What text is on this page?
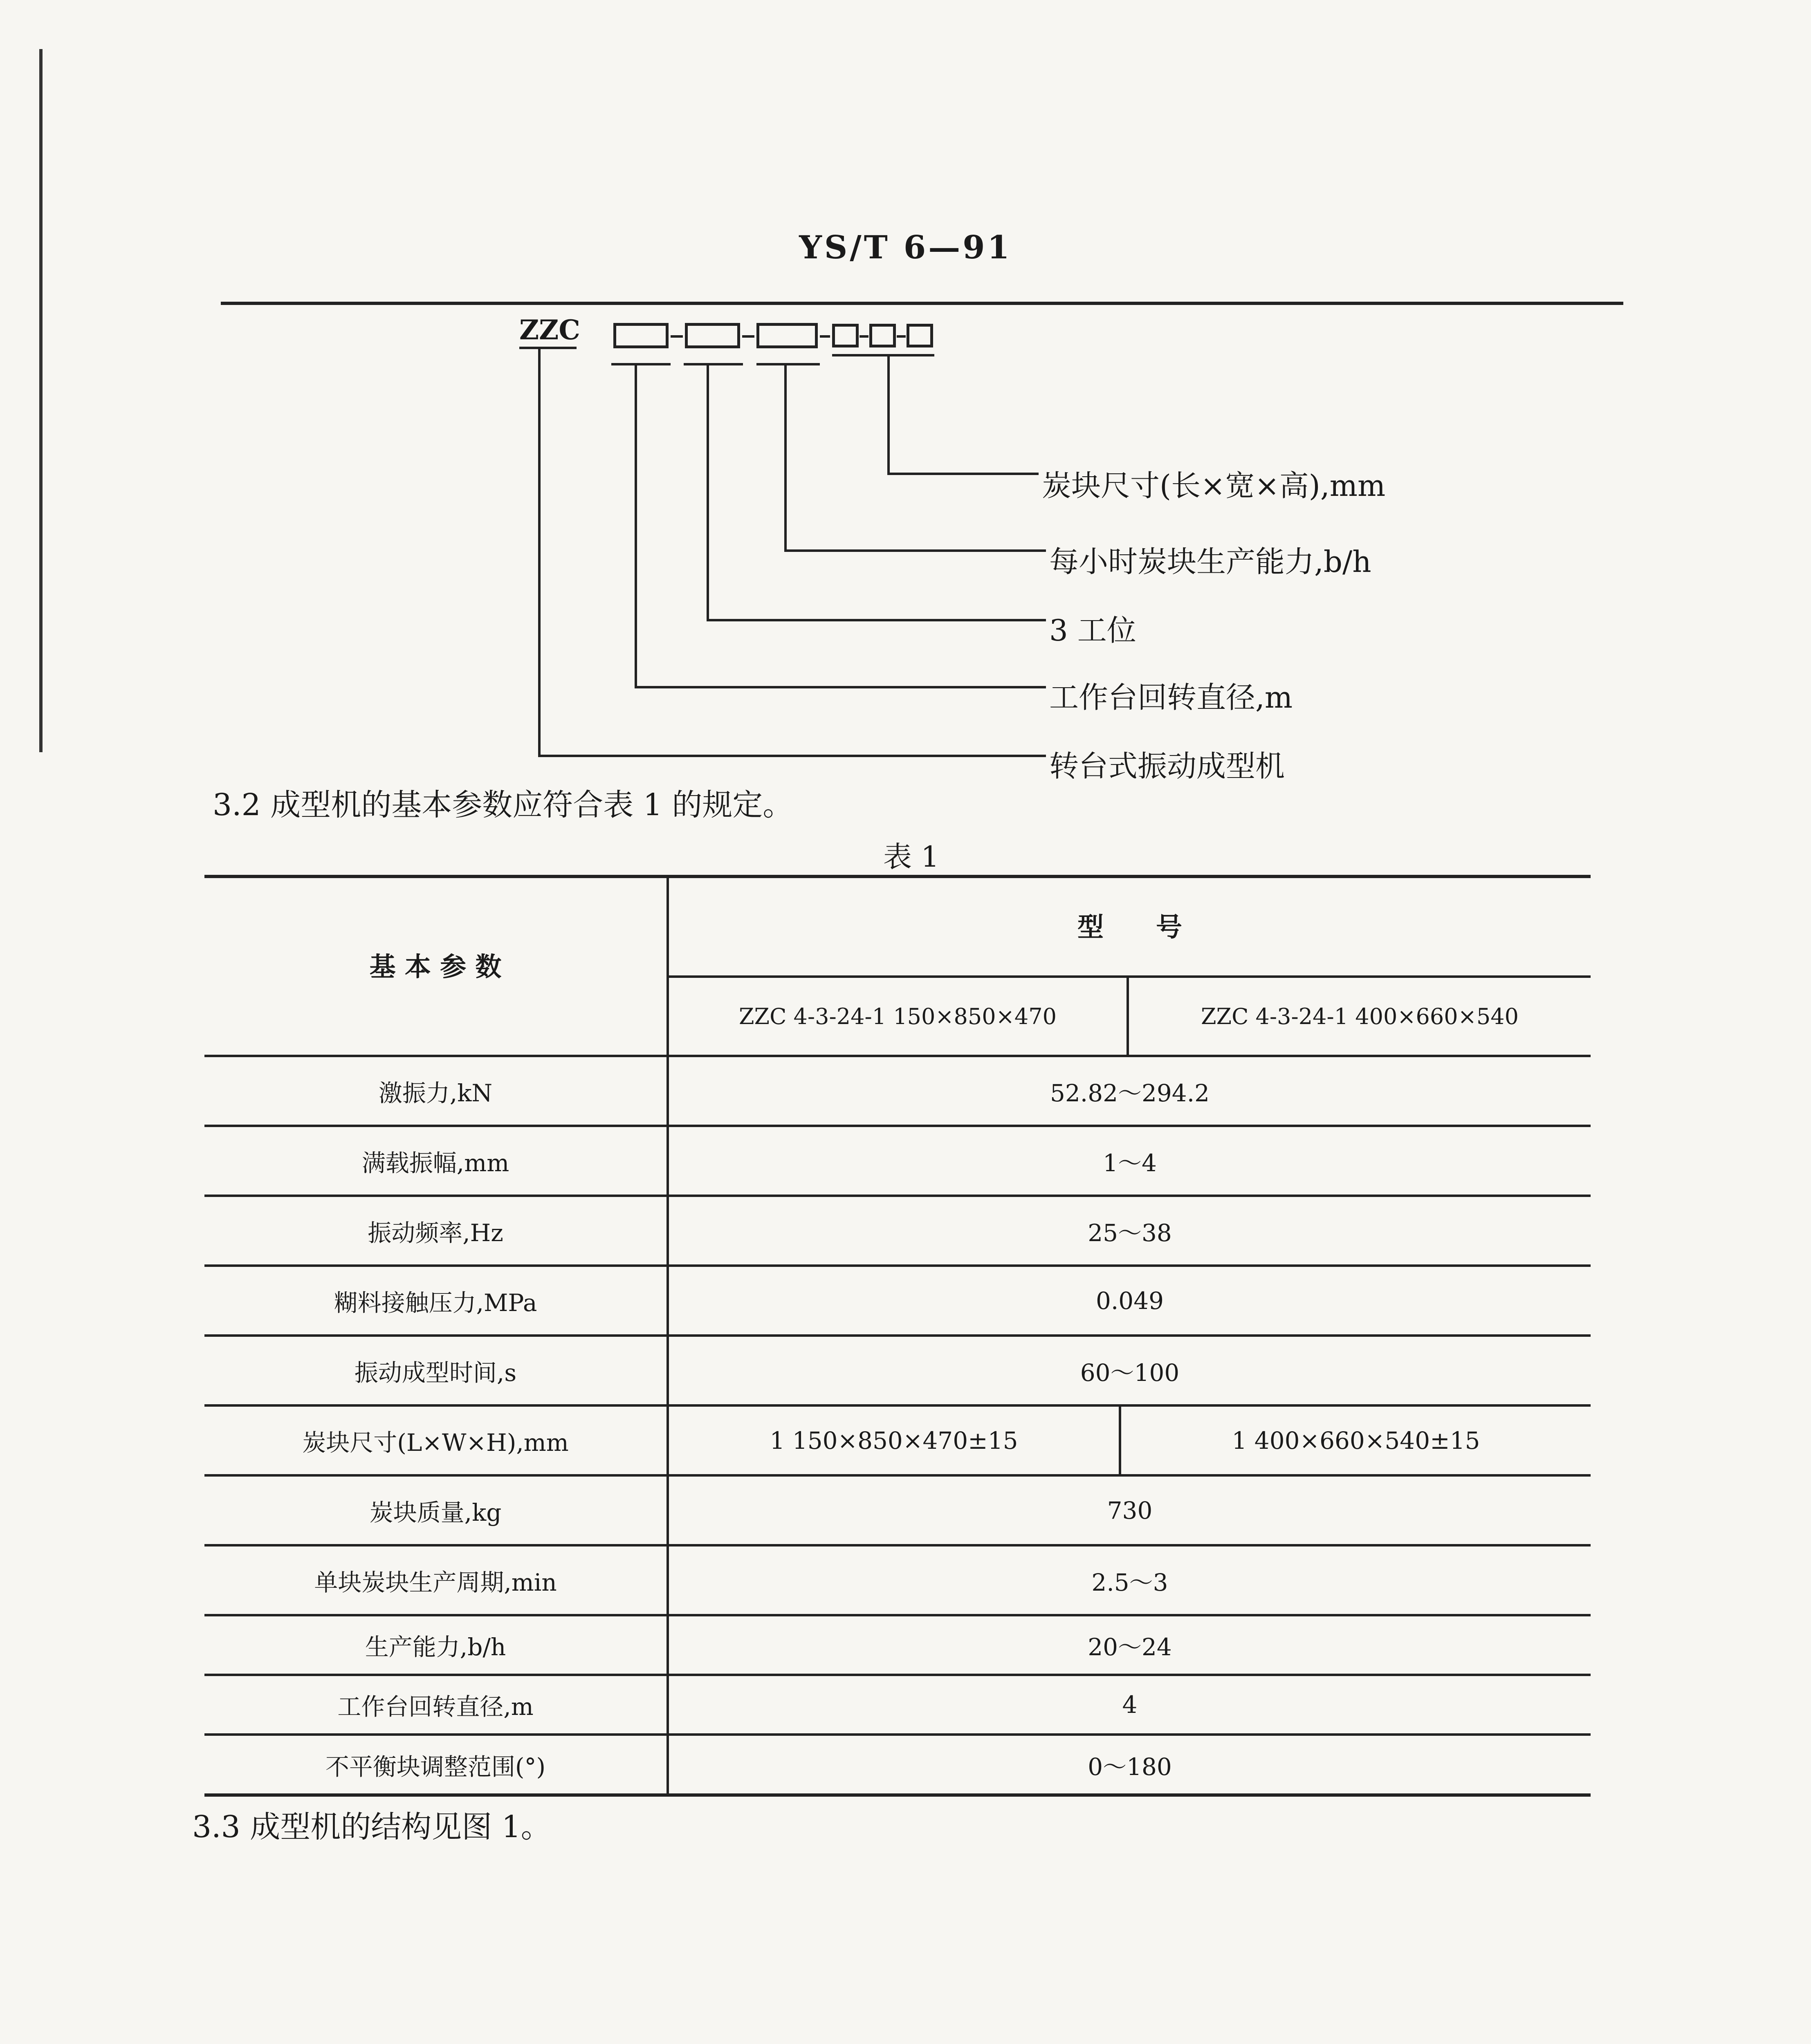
YS/T 6—91
ZZC
炭块尺寸(长×宽×高),mm
每小时炭块生产能力,b/h
3 工位
工作台回转直径,m
转台式振动成型机
3.2 成型机的基本参数应符合表 1 的规定。
表 1
基 本 参 数
型　　号
ZZC 4-3-24-1 150×850×470	ZZC 4-3-24-1 400×660×540
激振力,kN	52.82～294.2
满载振幅,mm	1～4
振动频率,Hz	25～38
糊料接触压力,MPa	0.049
振动成型时间,s	60～100
炭块尺寸(L×W×H),mm	1 150×850×470±15	1 400×660×540±15
炭块质量,kg	730
单块炭块生产周期,min	2.5～3
生产能力,b/h	20～24
工作台回转直径,m	4
不平衡块调整范围(°)	0～180
3.3 成型机的结构见图 1。
